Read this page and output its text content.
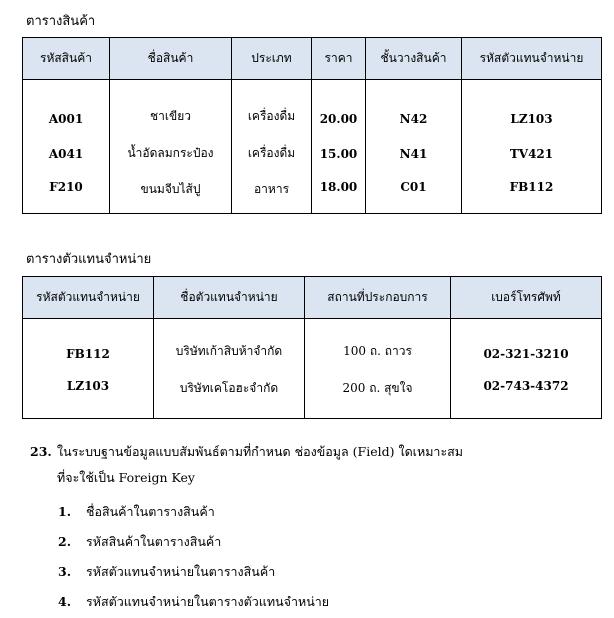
ตารางสินค้า
รหัสสินค้า	ชื่อสินค้า	ประเภท	ราคา	ชั้นวางสินค้า	รหัสตัวแทนจำหน่าย
A001	ชาเขียว	เครื่องดื่ม	20.00	N42	LZ103
A041	น้ำอัดลมกระป๋อง	เครื่องดื่ม	15.00	N41	TV421
F210	ขนมจีบไส้ปู	อาหาร	18.00	C01	FB112
ตารางตัวแทนจำหน่าย
รหัสตัวแทนจำหน่าย	ชื่อตัวแทนจำหน่าย	สถานที่ประกอบการ	เบอร์โทรศัพท์
FB112	บริษัทเก้าสิบห้าจำกัด	100 ถ. ถาวร	02-321-3210
LZ103	บริษัทเคโอฮะจำกัด	200 ถ. สุขใจ	02-743-4372
23. ในระบบฐานข้อมูลแบบสัมพันธ์ตามที่กำหนด ช่องข้อมูล (Field) ใดเหมาะสม
ที่จะใช้เป็น Foreign Key
1. ชื่อสินค้าในตารางสินค้า
2. รหัสสินค้าในตารางสินค้า
3. รหัสตัวแทนจำหน่ายในตารางสินค้า
4. รหัสตัวแทนจำหน่ายในตารางตัวแทนจำหน่าย
